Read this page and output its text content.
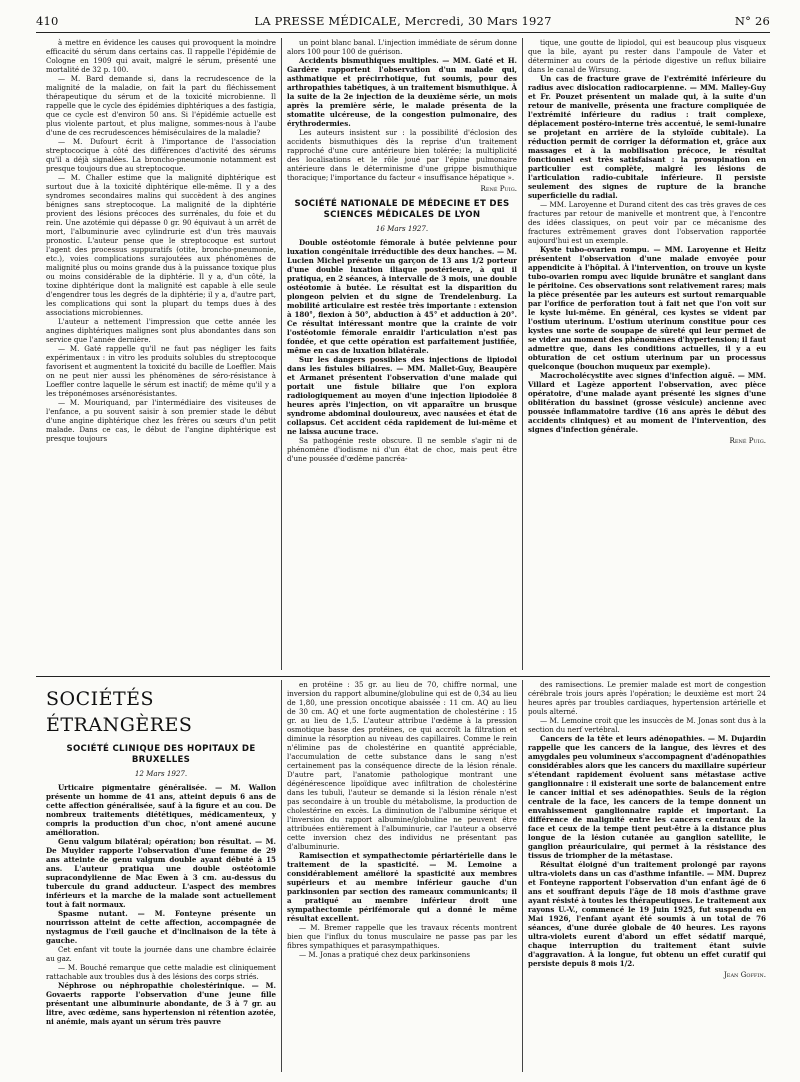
410	LA PRESSE MÉDICALE, Mercredi, 30 Mars 1927	N° 26

à mettre en évidence les causes qui provoquent la moindre efficacité du sérum dans certains cas. Il rappelle l'épidémie de Cologne en 1909 qui avait, malgré le sérum, présenté une mortalité de 32 p. 100.

— M. Bard demande si, dans la recrudescence de la malignité de la maladie, on fait la part du fléchissement thérapeutique du sérum et de la toxicité microbienne. Il rappelle que le cycle des épidémies diphtériques a des fastigia, que ce cycle est d'environ 50 ans. Si l'épidémie actuelle est plus violente partout, et plus maligne, sommes-nous à l'aube d'une de ces recrudescences hémiséculaires de la maladie?

— M. Dufourt écrit à l'importance de l'association streptococique à côté des différences d'activité des sérums qu'il a déjà signalées. La broncho-pneumonie notamment est presque toujours due au streptocoque.

— M. Challer estime que la malignité diphtérique est surtout due à la toxicité diphtérique elle-même. Il y a des syndromes secondaires malins qui succèdent à des angines bénignes sans streptocoque. La malignité de la diphtérie provient des lésions précoces des surrénales, du foie et du rein. Une azotémie qui dépasse 0 gr. 90 équivaut à un arrêt de mort, l'albuminurie avec cylindrurie est d'un très mauvais pronostic. L'auteur pense que le streptocoque est surtout l'agent des processus suppuratifs (otite, broncho-pneumonie, etc.), voies complications surajoutées aux phénomènes de malignité plus ou moins grande dus à la puissance toxique plus ou moins considérable de la diphtérie. Il y a, d'un côté, la toxine diphtérique dont la malignité est capable à elle seule d'engendrer tous les degrés de la diphtérie; il y a, d'autre part, les complications qui sont la plupart du temps dues à des associations microbiennes.

L'auteur a nettement l'impression que cette année les angines diphtériques malignes sont plus abondantes dans son service que l'année dernière.

— M. Gaté rappelle qu'il ne faut pas négliger les faits expérimentaux : in vitro les produits solubles du streptocoque favorisent et augmentent la toxicité du bacille de Loeffler. Mais on ne peut nier aussi les phénomènes de séro-résistance à Loeffler contre laquelle le sérum est inactif; de même qu'il y a les tréponémoses arsénorésistantes.

— M. Mouriquand, par l'intermédiaire des visiteuses de l'enfance, a pu souvent saisir à son premier stade le début d'une angine diphtérique chez les frères ou sœurs d'un petit malade. Dans ce cas, le début de l'angine diphtérique est presque toujours

un point blanc banal. L'injection immédiate de sérum donne alors 100 pour 100 de guérison.

Accidents bismuthiques multiples. — MM. Gaté et H. Gardère rapportent l'observation d'un malade qui, asthmatique et précirrhotique, fut soumis, pour des arthropathies tabétiques, à un traitement bismuthique. À la suite de la 2e injection de la deuxième série, un mois après la première série, le malade présenta de la stomatite ulcéreuse, de la congestion pulmonaire, des érythrodermies.

Les auteurs insistent sur : la possibilité d'éclosion des accidents bismuthiques dès la reprise d'un traitement rapproché d'une cure antérieure bien tolérée; la multiplicité des localisations et le rôle joué par l'épine pulmonaire antérieure dans le déterminisme d'une grippe bismuthique thoracique; l'importance du facteur « insuffisance hépatique ».

René Puig.

SOCIÉTÉ NATIONALE DE MÉDECINE ET DES SCIENCES MÉDICALES DE LYON

16 Mars 1927.

Double ostéotomie fémorale à butée pelvienne pour luxation congénitale irréductible des deux hanches. — M. Lucien Michel présente un garçon de 13 ans 1/2 porteur d'une double luxation iliaque postérieure, à qui il pratiqua, en 2 séances, à intervalle de 3 mois, une double ostéotomie à butée. Le résultat est la disparition du plongeon pelvien et du signe de Trendelenburg. La mobilité articulaire est restée très importante : extension à 180°, flexion à 50°, abduction à 45° et adduction à 20°. Ce résultat intéressant montre que la crainte de voir l'ostéotomie fémorale enraidir l'articulation n'est pas fondée, et que cette opération est parfaitement justifiée, même en cas de luxation bilatérale.

Sur les dangers possibles des injections de lipiodol dans les fistules biliaires. — MM. Mallet-Guy, Beaupère et Armanet présentent l'observation d'une malade qui portait une fistule biliaire que l'on explora radiologiquement au moyen d'une injection lipiodolée 8 heures après l'injection, on vit apparaître un brusque syndrome abdominal douloureux, avec nausées et état de collapsus. Cet accident céda rapidement de lui-même et ne laissa aucune trace.

Sa pathogénie reste obscure. Il ne semble s'agir ni de phénomène d'iodisme ni d'un état de choc, mais peut être d'une poussée d'œdème pancréa-

tique, une goutte de lipiodol, qui est beaucoup plus visqueux que la bile, ayant pu rester dans l'ampoule de Vater et déterminer au cours de la période digestive un reflux biliaire dans le canal de Wirsung.

Un cas de fracture grave de l'extrémité inférieure du radius avec dislocation radiocarpienne. — MM. Malley-Guy et Fr. Pouzet présentent un malade qui, à la suite d'un retour de manivelle, présenta une fracture compliquée de l'extrémité inférieure du radius : trait complexe, déplacement postéro-interne très accentué, le semi-lunaire se projetant en arrière de la styloïde cubitale). La réduction permit de corriger la déformation et, grâce aux massages et à la mobilisation précoce, le résultat fonctionnel est très satisfaisant : la prosupination en particulier est complète, malgré les lésions de l'articulation radio-cubitale inférieure. Il persiste seulement des signes de rupture de la branche superficielle du radial.

— MM. Laroyenne et Durand citent des cas très graves de ces fractures par retour de manivelle et montrent que, à l'encontre des idées classiques, on peut voir par ce mécanisme des fractures extrêmement graves dont l'observation rapportée aujourd'hui est un exemple.

Kyste tubo-ovarien rompu. — MM. Laroyenne et Heitz présentent l'observation d'une malade envoyée pour appendicite à l'hôpital. À l'intervention, on trouve un kyste tubo-ovarien rompu avec liquide brunâtre et sanglant dans le péritoine. Ces observations sont relativement rares; mais la pièce présentée par les auteurs est surtout remarquable par l'orifice de perforation tout à fait net que l'on voit sur le kyste lui-même. En général, ces kystes se vident par l'ostium uterinum. L'ostium uterinum constitue pour ces kystes une sorte de soupape de sûreté qui leur permet de se vider au moment des phénomènes d'hypertension; il faut admettre que, dans les conditions actuelles, il y a eu obturation de cet ostium uterinum par un processus quelconque (bouchon muqueux par exemple).

Macrocholécystite avec signes d'infection aiguë. — MM. Villard et Lagèze apportent l'observation, avec pièce opératoire, d'une malade ayant présenté les signes d'une oblitération du bassinet (grosse vésicule) ancienne avec poussée inflammatoire tardive (16 ans après le début des accidents cliniques) et au moment de l'intervention, des signes d'infection générale.

René Puig.

SOCIÉTÉS ÉTRANGÈRES

SOCIÉTÉ CLINIQUE DES HOPITAUX DE BRUXELLES

12 Mars 1927.

Urticaire pigmentaire généralisée. — M. Wallon présente un homme de 41 ans, atteint depuis 6 ans de cette affection généralisée, sauf à la figure et au cou. De nombreux traitements diététiques, médicamenteux, y compris la production d'un choc, n'ont amené aucune amélioration.

Genu valgum bilatéral; opération; bon résultat. — M. De Muylder rapporte l'observation d'une femme de 29 ans atteinte de genu valgum double ayant débuté à 15 ans. L'auteur pratiqua une double ostéotomie supracondylienne de Mac Ewen à 3 cm. au-dessus du tubercule du grand adducteur. L'aspect des membres inférieurs et la marche de la malade sont actuellement tout à fait normaux.

Spasme nutant. — M. Fonteyne présente un nourrisson atteint de cette affection, accompagnée de nystagmus de l'œil gauche et d'inclinaison de la tête à gauche.

Cet enfant vit toute la journée dans une chambre éclairée au gaz.

— M. Bouché remarque que cette maladie est cliniquement rattachable aux troubles dus à des lésions des corps striés.

Néphrose ou néphropathie cholestérinique. — M. Govaerts rapporte l'observation d'une jeune fille présentant une albuminurie abondante, de 3 à 7 gr. au litre, avec œdème, sans hypertension ni rétention azotée, ni anémie, mais ayant un sérum très pauvre

en protéine : 35 gr. au lieu de 70, chiffre normal, une inversion du rapport albumine/globuline qui est de 0,34 au lieu de 1,80, une pression oncotique abaissée : 11 cm. AQ au lieu de 30 cm. AQ et une forte augmentation de cholestérine : 15 gr. au lieu de 1,5. L'auteur attribue l'œdème à la pression osmotique basse des protéines, ce qui accroît la filtration et diminue la résorption au niveau des capillaires. Comme le rein n'élimine pas de cholestérine en quantité appréciable, l'accumulation de cette substance dans le sang n'est certainement pas la conséquence directe de la lésion rénale. D'autre part, l'anatomie pathologique montrant une dégénérescence lipoïdique avec infiltration de cholestérine dans les tubuli, l'auteur se demande si la lésion rénale n'est pas secondaire à un trouble du métabolisme, la production de cholestérine en excès. La diminution de l'albumine sérique et l'inversion du rapport albumine/globuline ne peuvent être attribuées entièrement à l'albuminurie, car l'auteur a observé cette inversion chez des individus ne présentant pas d'albuminurie.

Ramisection et sympathectomie périartérielle dans le traitement de la spasticité. — M. Lemoine a considérablement amélioré la spasticité aux membres supérieurs et au membre inférieur gauche d'un parkinsonien par section des rameaux communicants; il a pratiqué au membre inférieur droit une sympathectomie périfémorale qui a donné le même résultat excellent.

— M. Bremer rappelle que les travaux récents montrent bien que l'influx du tonus musculaire ne passe pas par les fibres sympathiques et parasympathiques.

— M. Jonas a pratiqué chez deux parkinsoniens

des ramisections. Le premier malade est mort de congestion cérébrale trois jours après l'opération; le deuxième est mort 24 heures après par troubles cardiaques, hypertension artérielle et pouls alterné.

— M. Lemoine croit que les insuccès de M. Jonas sont dus à la section du nerf vertébral.

Cancers de la tête et leurs adénopathies. — M. Dujardin rappelle que les cancers de la langue, des lèvres et des amygdales peu volumineux s'accompagnent d'adénopathies considérables alors que les cancers du maxillaire supérieur s'étendant rapidement évoluent sans métastase active ganglionnaire : il existerait une sorte de balancement entre le cancer initial et ses adénopathies. Seuls de la région centrale de la face, les cancers de la tempe donnent un envahissement ganglionnaire rapide et important. La différence de malignité entre les cancers centraux de la face et ceux de la tempe tient peut-être à la distance plus longue de la lésion cutanée au ganglion satellite, le ganglion préauriculaire, qui permet à la résistance des tissus de triompher de la métastase.

Résultat éloigné d'un traitement prolongé par rayons ultra-violets dans un cas d'asthme infantile. — MM. Duprez et Fonteyne rapportent l'observation d'un enfant âgé de 6 ans et souffrant depuis l'âge de 18 mois d'asthme grave ayant résisté à toutes les thérapeutiques. Le traitement aux rayons U.-V., commencé le 19 Juin 1925, fut suspendu en Mai 1926, l'enfant ayant été soumis à un total de 76 séances, d'une durée globale de 40 heures. Les rayons ultra-violets eurent d'abord un effet sédatif marqué, chaque interruption du traitement étant suivie d'aggravation. À la longue, fut obtenu un effet curatif qui persiste depuis 8 mois 1/2.

Jean Goffin.
